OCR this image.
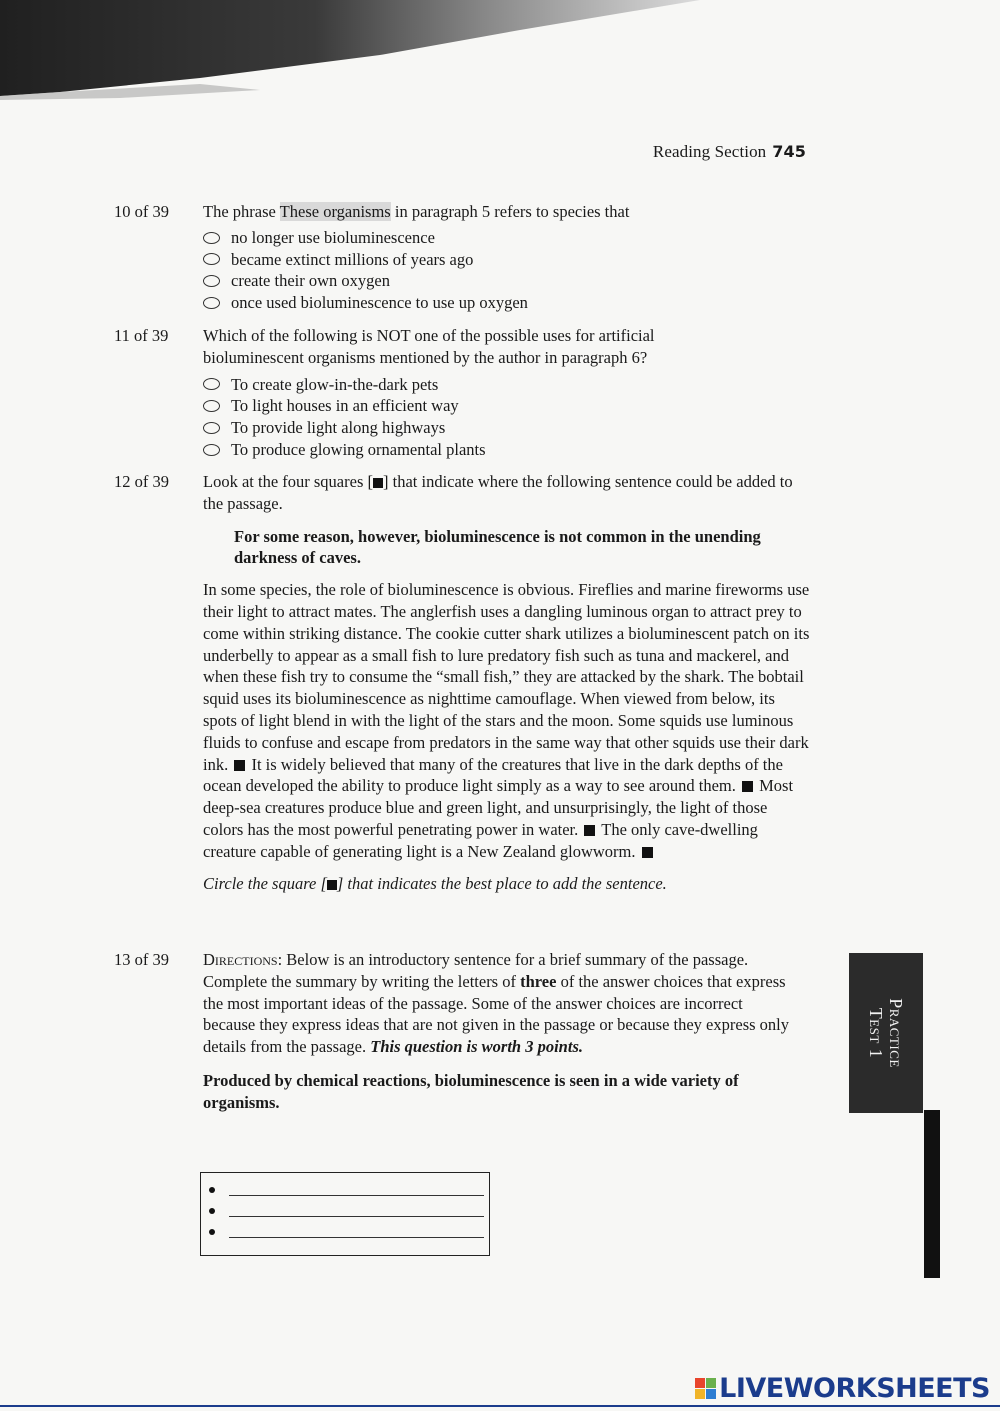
Reading Section 745
10 of 39	The phrase These organisms in paragraph 5 refers to species that

no longer use bioluminescence
became extinct millions of years ago
create their own oxygen
once used bioluminescence to use up oxygen
11 of 39	Which of the following is NOT one of the possible uses for artificial bioluminescent organisms mentioned by the author in paragraph 6?

To create glow-in-the-dark pets
To light houses in an efficient way
To provide light along highways
To produce glowing ornamental plants
12 of 39	Look at the four squares [ ] that indicate where the following sentence could be added to the passage.

For some reason, however, bioluminescence is not common in the unending darkness of caves.

In some species, the role of bioluminescence is obvious. Fireflies and marine fireworms use their light to attract mates. The anglerfish uses a dangling luminous organ to attract prey to come within striking distance. The cookie cutter shark utilizes a bioluminescent patch on its underbelly to appear as a small fish to lure predatory fish such as tuna and mackerel, and when these fish try to consume the “small fish,” they are attacked by the shark. The bobtail squid uses its bioluminescence as nighttime camouflage. When viewed from below, its spots of light blend in with the light of the stars and the moon. Some squids use luminous fluids to confuse and escape from predators in the same way that other squids use their dark ink. It is widely believed that many of the creatures that live in the dark depths of the ocean developed the ability to produce light simply as a way to see around them. Most deep-sea creatures produce blue and green light, and unsurprisingly, the light of those colors has the most powerful penetrating power in water. The only cave-dwelling creature capable of generating light is a New Zealand glowworm.

Circle the square [ ] that indicates the best place to add the sentence.

13 of 39	Directions: Below is an introductory sentence for a brief summary of the passage. Complete the summary by writing the letters of three of the answer choices that express the most important ideas of the passage. Some of the answer choices are incorrect because they express ideas that are not given in the passage or because they express only details from the passage. This question is worth 3 points.

Produced by chemical reactions, bioluminescence is seen in a wide variety of organisms.

Practice
Test 1
LIVEWORKSHEETS
